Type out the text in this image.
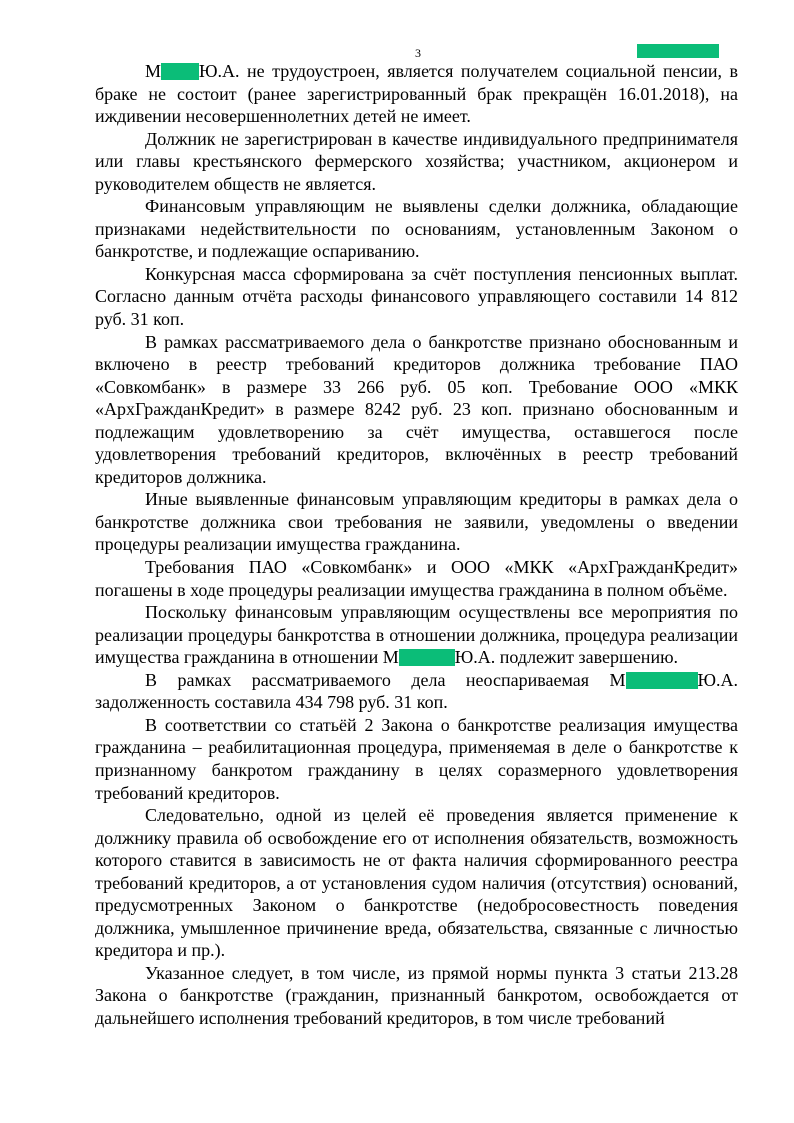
3

М Ю.А. не трудоустроен, является получателем социальной пенсии, в браке не состоит (ранее зарегистрированный брак прекращён 16.01.2018), на иждивении несовершеннолетних детей не имеет.

Должник не зарегистрирован в качестве индивидуального предпринимателя или главы крестьянского фермерского хозяйства; участником, акционером и руководителем обществ не является.

Финансовым управляющим не выявлены сделки должника, обладающие признаками недействительности по основаниям, установленным Законом о банкротстве, и подлежащие оспариванию.

Конкурсная масса сформирована за счёт поступления пенсионных выплат. Согласно данным отчёта расходы финансового управляющего составили 14 812 руб. 31 коп.

В рамках рассматриваемого дела о банкротстве признано обоснованным и включено в реестр требований кредиторов должника требование ПАО «Совкомбанк» в размере 33 266 руб. 05 коп. Требование ООО «МКК «АрхГражданКредит» в размере 8242 руб. 23 коп. признано обоснованным и подлежащим удовлетворению за счёт имущества, оставшегося после удовлетворения требований кредиторов, включённых в реестр требований кредиторов должника.

Иные выявленные финансовым управляющим кредиторы в рамках дела о банкротстве должника свои требования не заявили, уведомлены о введении процедуры реализации имущества гражданина.

Требования ПАО «Совкомбанк» и ООО «МКК «АрхГражданКредит» погашены в ходе процедуры реализации имущества гражданина в полном объёме.

Поскольку финансовым управляющим осуществлены все мероприятия по реализации процедуры банкротства в отношении должника, процедура реализации имущества гражданина в отношении М	Ю.А. подлежит завершению.

В рамках рассматриваемого дела неоспариваемая М	Ю.А. задолженность составила 434 798 руб. 31 коп.

В соответствии со статьёй 2 Закона о банкротстве реализация имущества гражданина – реабилитационная процедура, применяемая в деле о банкротстве к признанному банкротом гражданину в целях соразмерного удовлетворения требований кредиторов.

Следовательно, одной из целей её проведения является применение к должнику правила об освобождение его от исполнения обязательств, возможность которого ставится в зависимость не от факта наличия сформированного реестра требований кредиторов, а от установления судом наличия (отсутствия) оснований, предусмотренных Законом о банкротстве (недобросовестность поведения должника, умышленное причинение вреда, обязательства, связанные с личностью кредитора и пр.).

Указанное следует, в том числе, из прямой нормы пункта 3 статьи 213.28 Закона о банкротстве (гражданин, признанный банкротом, освобождается от дальнейшего исполнения требований кредиторов, в том числе требований
